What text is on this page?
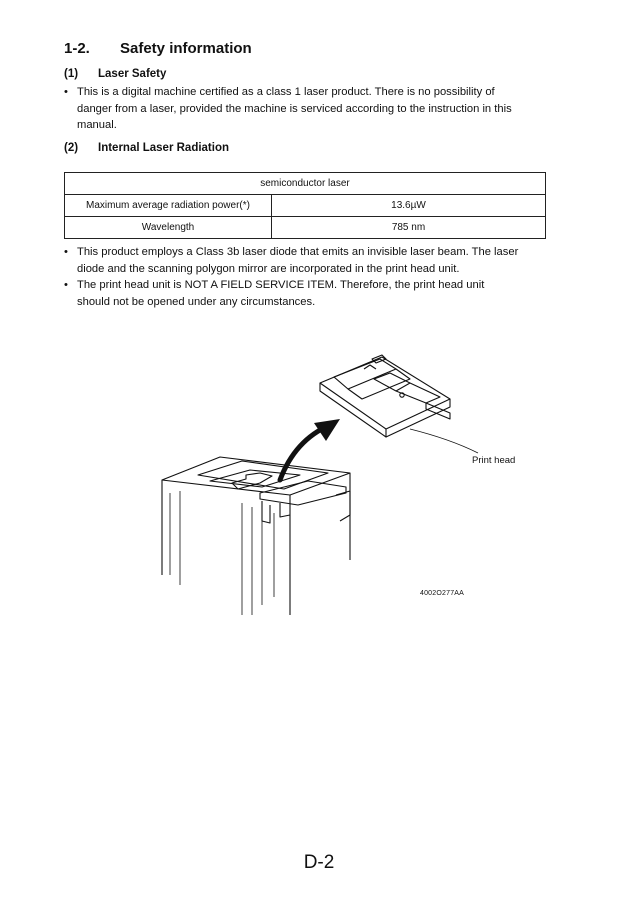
1-2. Safety information
(1) Laser Safety
• This is a digital machine certified as a class 1 laser product. There is no possibility of
danger from a laser, provided the machine is serviced according to the instruction in this
manual.
(2) Internal Laser Radiation
semiconductor laser	
Maximum average radiation power(*)	13.6µW
Wavelength	785 nm
• This product employs a Class 3b laser diode that emits an invisible laser beam. The laser
diode and the scanning polygon mirror are incorporated in the print head unit.
• The print head unit is NOT A FIELD SERVICE ITEM. Therefore, the print head unit
should not be opened under any circumstances.
Print head
4002O277AA
D-2
